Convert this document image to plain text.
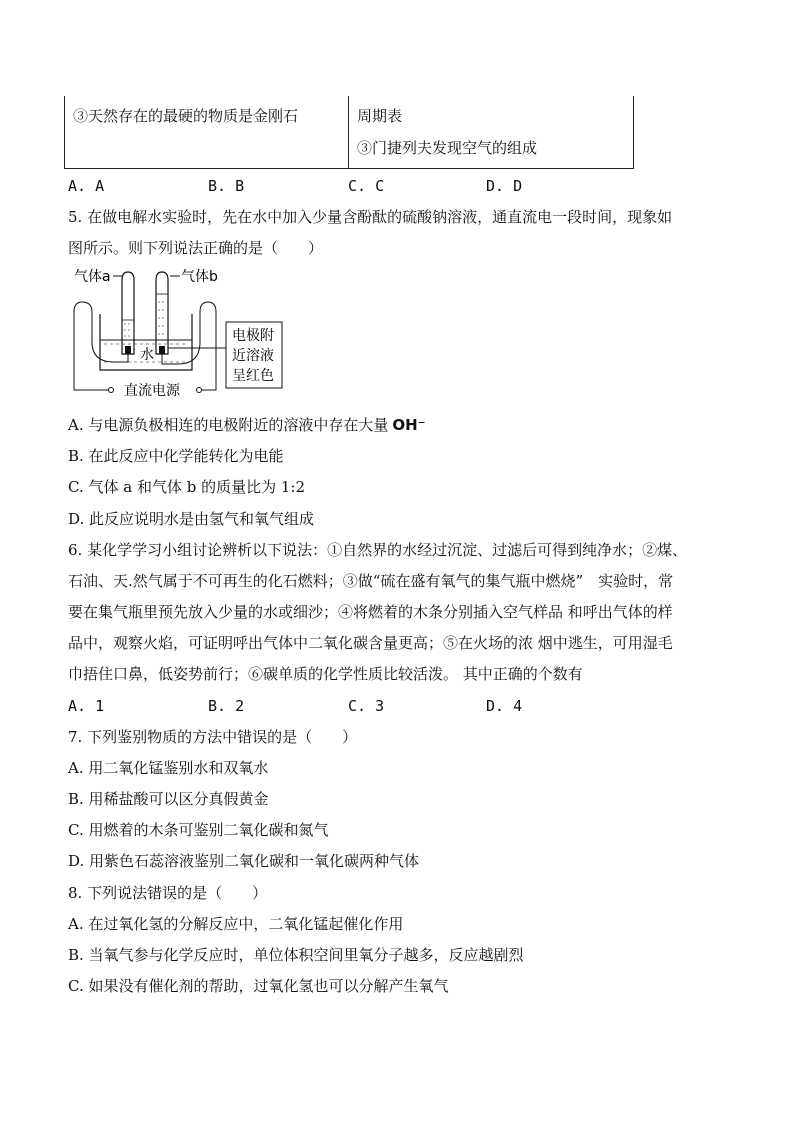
③天然存在的最硬的物质是金刚石	周期表
③门捷列夫发现空气的组成
A. A	B. B	C. C	D. D
5. 在做电解水实验时，先在水中加入少量含酚酞的硫酸钠溶液，通直流电一段时间，现象如
图所示。则下列说法正确的是（　　）
气体a	气体b
水
直流电源
电极附
近溶液
呈红色
A. 与电源负极相连的电极附近的溶液中存在大量 OH⁻
B. 在此反应中化学能转化为电能
C. 气体 a 和气体 b 的质量比为 1:2
D. 此反应说明水是由氢气和氧气组成
6. 某化学学习小组讨论辨析以下说法：①自然界的水经过沉淀、过滤后可得到纯净水；②煤、
石油、天.然气属于不可再生的化石燃料；③做“硫在盛有氧气的集气瓶中燃烧”　实验时，常
要在集气瓶里预先放入少量的水或细沙；④将燃着的木条分别插入空气样品 和呼出气体的样
品中，观察火焰，可证明呼出气体中二氧化碳含量更高；⑤在火场的浓 烟中逃生，可用湿毛
巾捂住口鼻，低姿势前行；⑥碳单质的化学性质比较活泼。 其中正确的个数有
A. 1	B. 2	C. 3	D. 4
7. 下列鉴别物质的方法中错误的是（　　）
A. 用二氧化锰鉴别水和双氧水
B. 用稀盐酸可以区分真假黄金
C. 用燃着的木条可鉴别二氧化碳和氮气
D. 用紫色石蕊溶液鉴别二氧化碳和一氧化碳两种气体
8. 下列说法错误的是（　　）
A. 在过氧化氢的分解反应中，二氧化锰起催化作用
B. 当氧气参与化学反应时，单位体积空间里氧分子越多，反应越剧烈
C. 如果没有催化剂的帮助，过氧化氢也可以分解产生氧气
